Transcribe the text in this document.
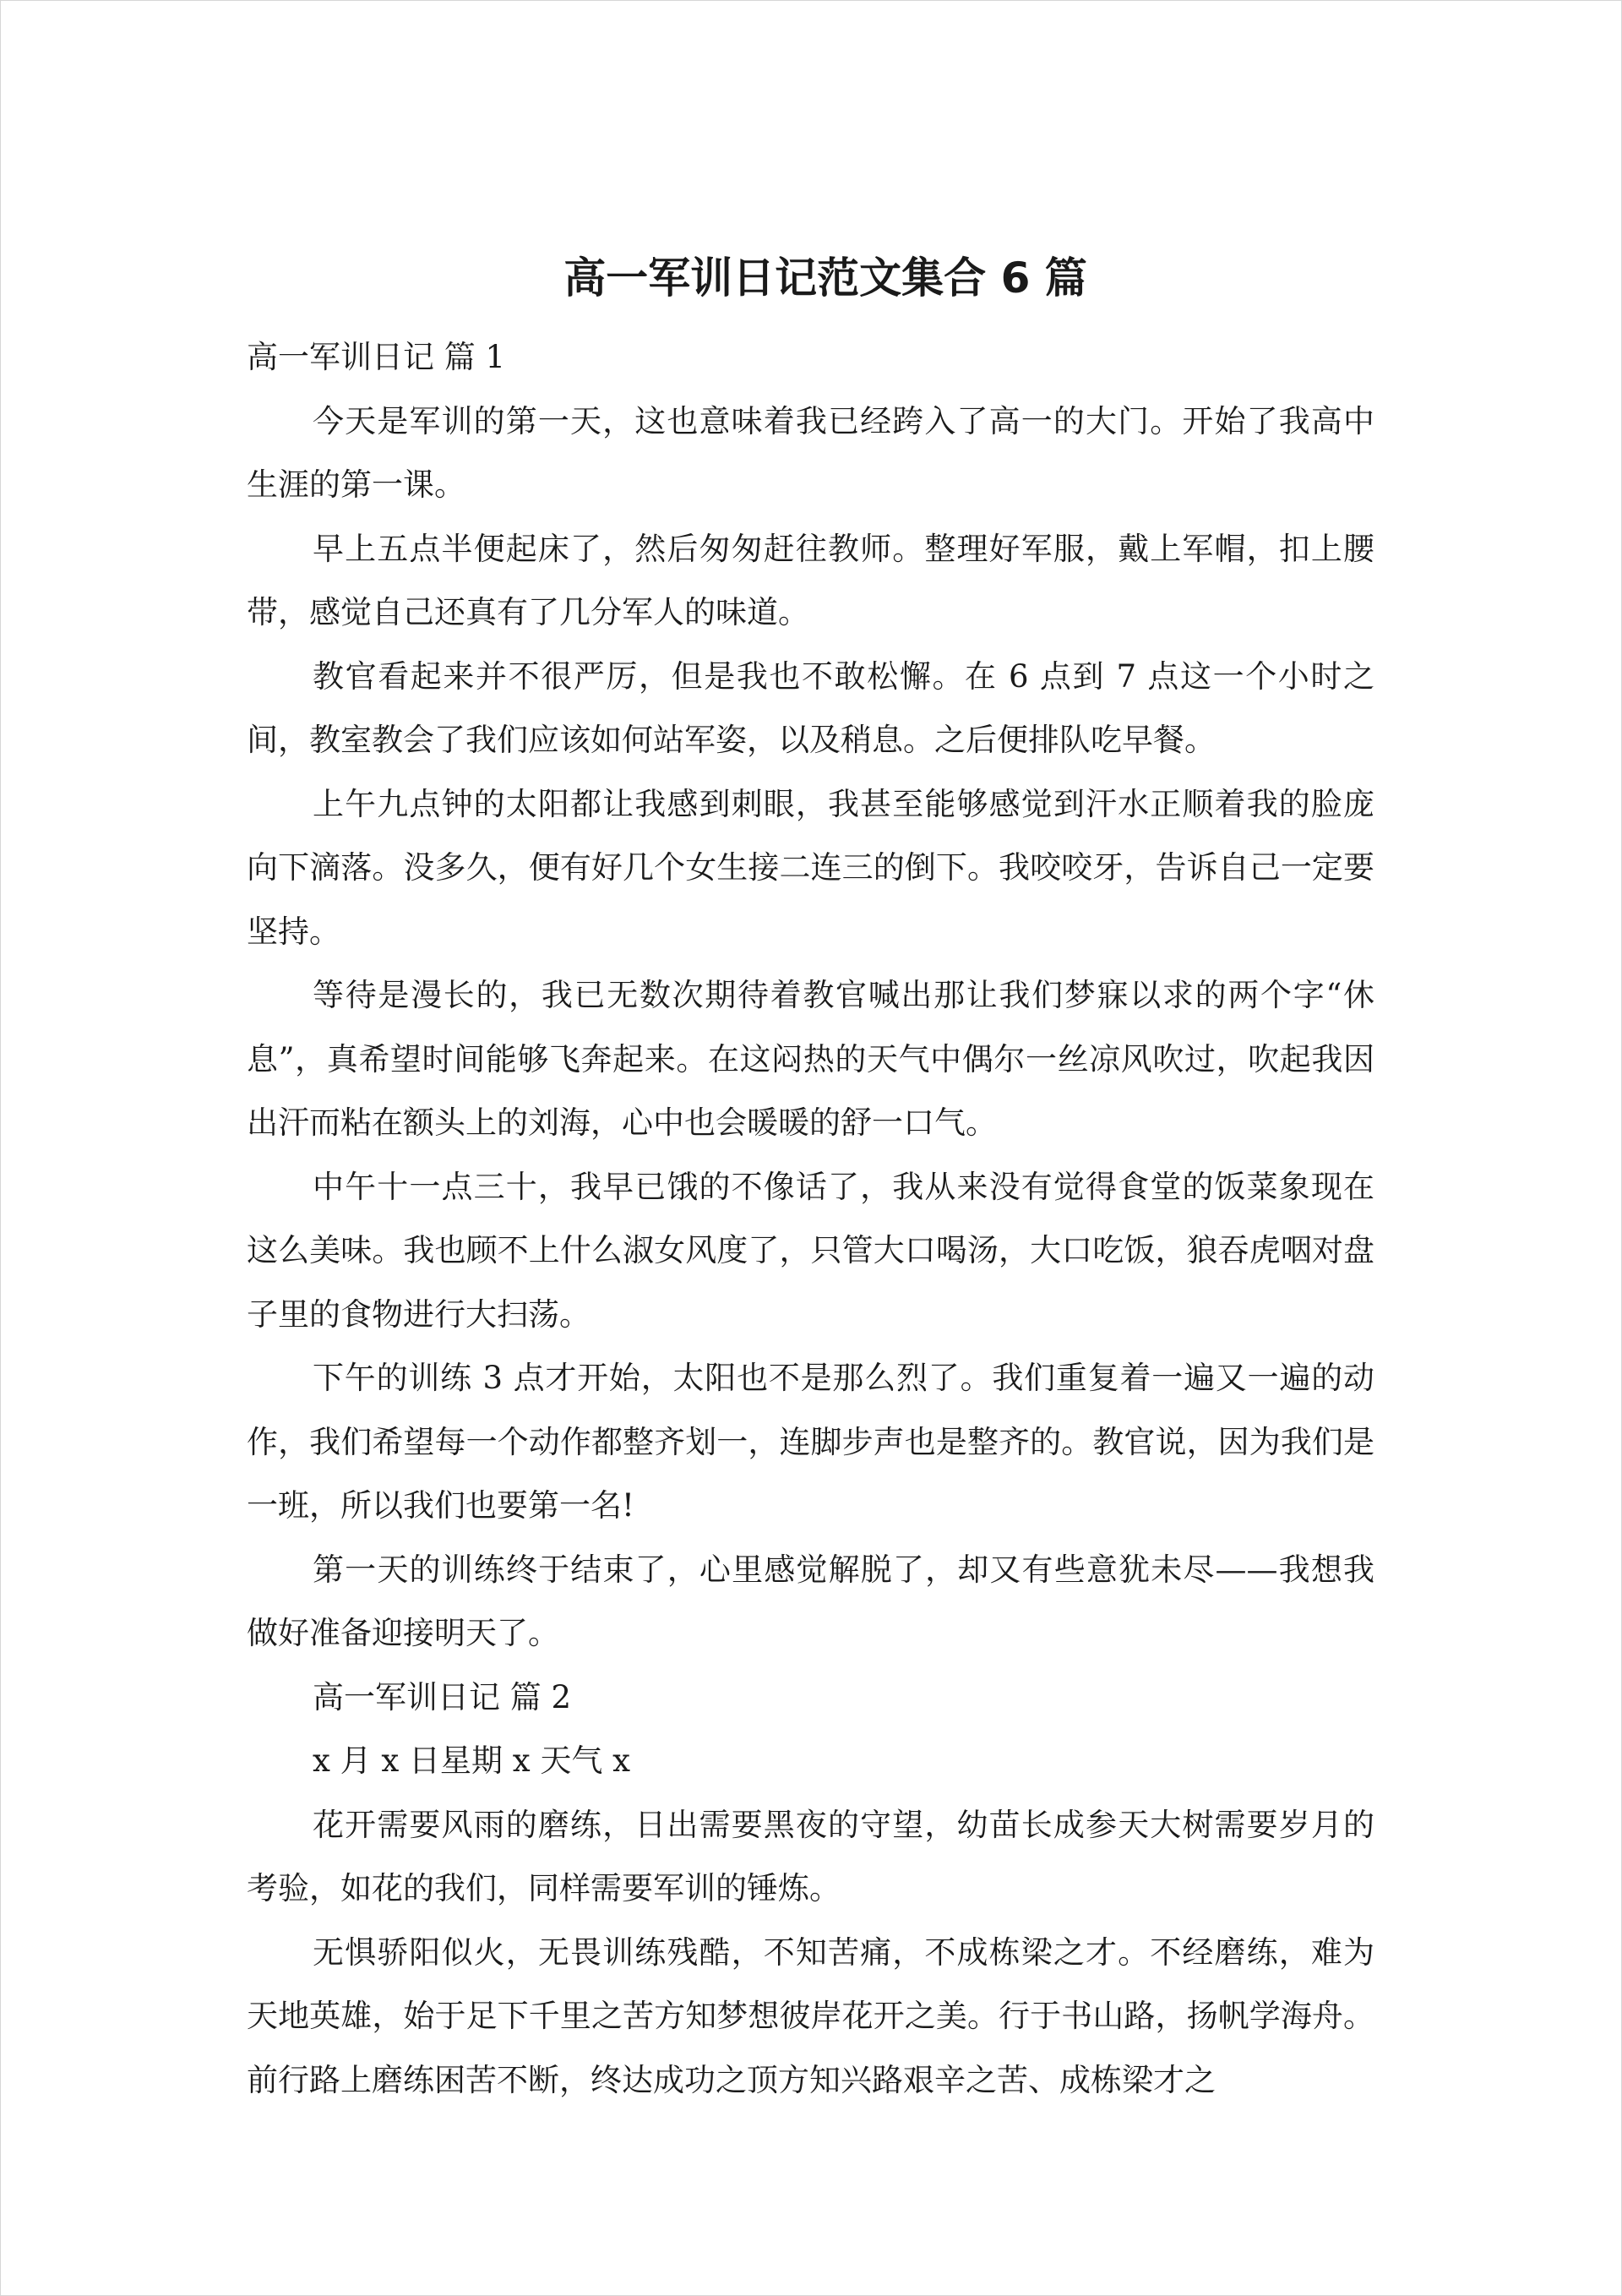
高一军训日记范文集合 6 篇

高一军训日记 篇 1

今天是军训的第一天，这也意味着我已经跨入了高一的大门。开始了我高中生涯的第一课。

早上五点半便起床了，然后匆匆赶往教师。整理好军服，戴上军帽，扣上腰带，感觉自己还真有了几分军人的味道。

教官看起来并不很严厉，但是我也不敢松懈。在 6 点到 7 点这一个小时之间，教室教会了我们应该如何站军姿，以及稍息。之后便排队吃早餐。

上午九点钟的太阳都让我感到刺眼，我甚至能够感觉到汗水正顺着我的脸庞向下滴落。没多久，便有好几个女生接二连三的倒下。我咬咬牙，告诉自己一定要坚持。

等待是漫长的，我已无数次期待着教官喊出那让我们梦寐以求的两个字“休息”，真希望时间能够飞奔起来。在这闷热的天气中偶尔一丝凉风吹过，吹起我因出汗而粘在额头上的刘海，心中也会暖暖的舒一口气。

中午十一点三十，我早已饿的不像话了，我从来没有觉得食堂的饭菜象现在这么美味。我也顾不上什么淑女风度了，只管大口喝汤，大口吃饭，狼吞虎咽对盘子里的食物进行大扫荡。

下午的训练 3 点才开始，太阳也不是那么烈了。我们重复着一遍又一遍的动作，我们希望每一个动作都整齐划一，连脚步声也是整齐的。教官说，因为我们是一班，所以我们也要第一名!

第一天的训练终于结束了，心里感觉解脱了，却又有些意犹未尽——我想我做好准备迎接明天了。

高一军训日记 篇 2

x 月 x 日星期 x 天气 x

花开需要风雨的磨练，日出需要黑夜的守望，幼苗长成参天大树需要岁月的考验，如花的我们，同样需要军训的锤炼。

无惧骄阳似火，无畏训练残酷，不知苦痛，不成栋梁之才。不经磨练，难为天地英雄，始于足下千里之苦方知梦想彼岸花开之美。行于书山路，扬帆学海舟。前行路上磨练困苦不断，终达成功之顶方知兴路艰辛之苦、成栋梁才之
